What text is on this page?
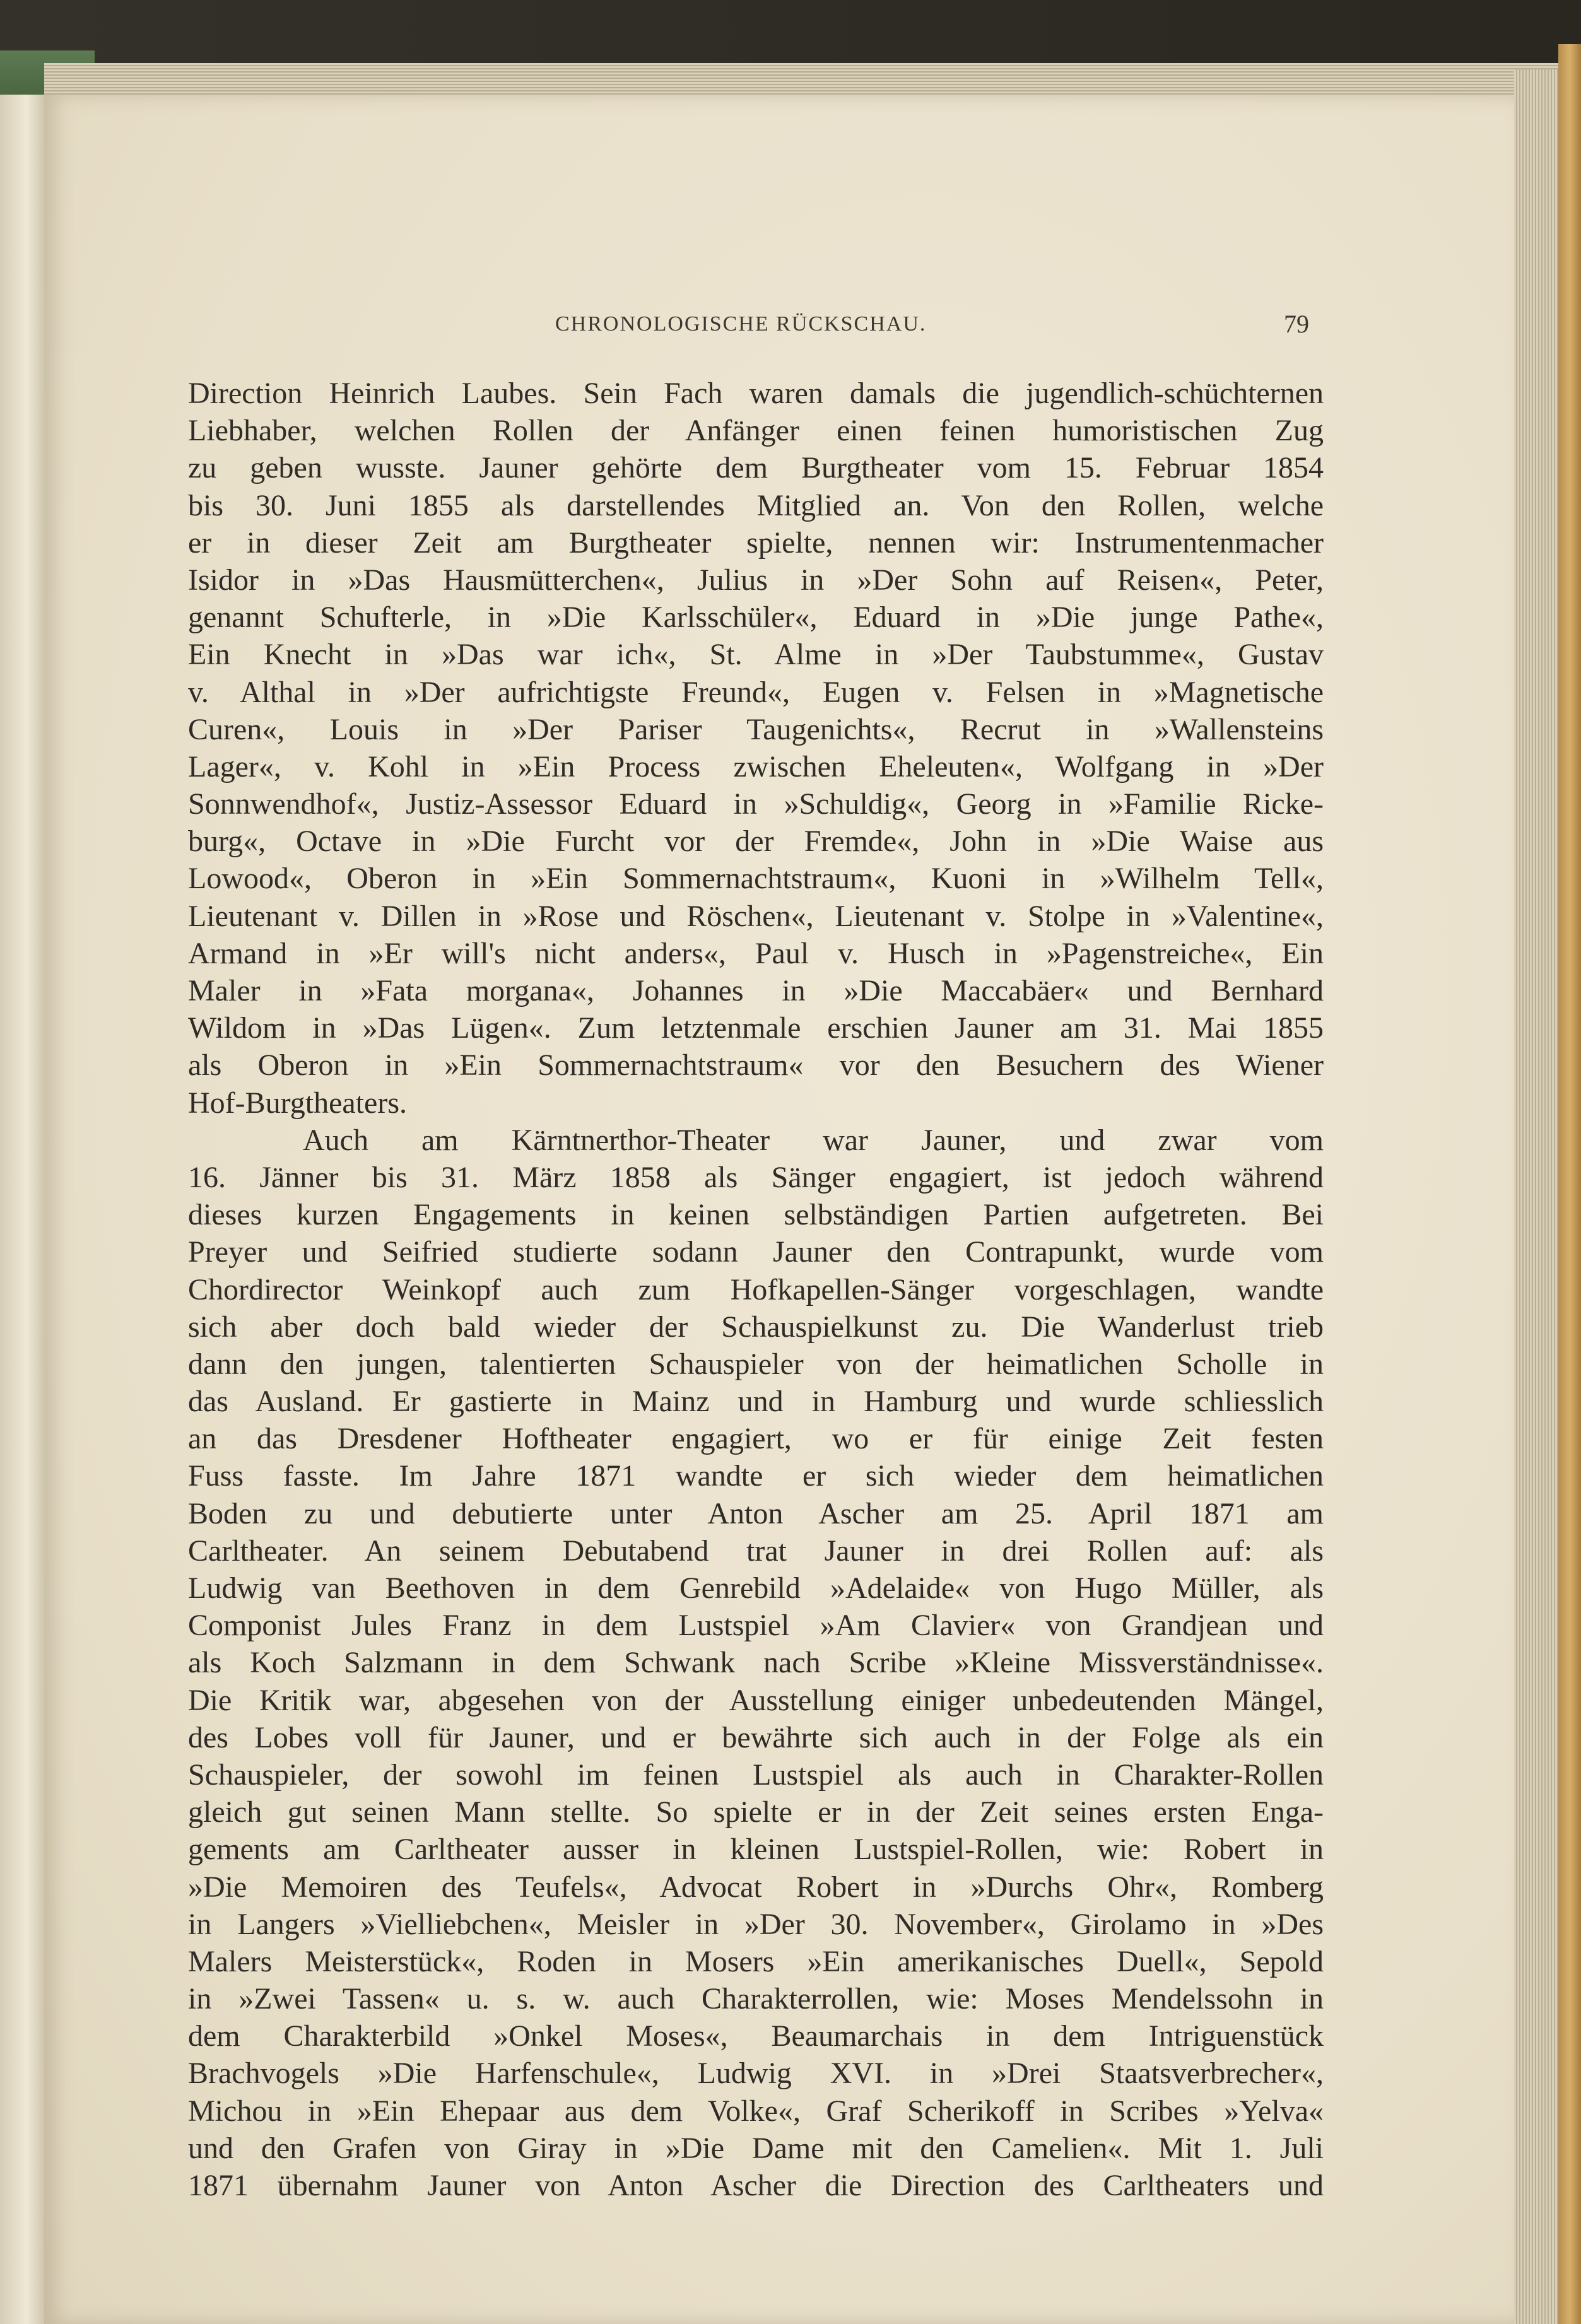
CHRONOLOGISCHE RÜCKSCHAU.	79
Direction Heinrich Laubes. Sein Fach waren damals die jugendlich-schüchternen
Liebhaber, welchen Rollen der Anfänger einen feinen humoristischen Zug
zu geben wusste. Jauner gehörte dem Burgtheater vom 15. Februar 1854
bis 30. Juni 1855 als darstellendes Mitglied an. Von den Rollen, welche
er in dieser Zeit am Burgtheater spielte, nennen wir: Instrumentenmacher
Isidor in »Das Hausmütterchen«, Julius in »Der Sohn auf Reisen«, Peter,
genannt Schufterle, in »Die Karlsschüler«, Eduard in »Die junge Pathe«,
Ein Knecht in »Das war ich«, St. Alme in »Der Taubstumme«, Gustav
v. Althal in »Der aufrichtigste Freund«, Eugen v. Felsen in »Magnetische
Curen«, Louis in »Der Pariser Taugenichts«, Recrut in »Wallensteins
Lager«, v. Kohl in »Ein Process zwischen Eheleuten«, Wolfgang in »Der
Sonnwendhof«, Justiz-Assessor Eduard in »Schuldig«, Georg in »Familie Ricke-
burg«, Octave in »Die Furcht vor der Fremde«, John in »Die Waise aus
Lowood«, Oberon in »Ein Sommernachtstraum«, Kuoni in »Wilhelm Tell«,
Lieutenant v. Dillen in »Rose und Röschen«, Lieutenant v. Stolpe in »Valentine«,
Armand in »Er will's nicht anders«, Paul v. Husch in »Pagenstreiche«, Ein
Maler in »Fata morgana«, Johannes in »Die Maccabäer« und Bernhard
Wildom in »Das Lügen«. Zum letztenmale erschien Jauner am 31. Mai 1855
als Oberon in »Ein Sommernachtstraum« vor den Besuchern des Wiener
Hof-Burgtheaters.
Auch am Kärntnerthor-Theater war Jauner, und zwar vom
16. Jänner bis 31. März 1858 als Sänger engagiert, ist jedoch während
dieses kurzen Engagements in keinen selbständigen Partien aufgetreten. Bei
Preyer und Seifried studierte sodann Jauner den Contrapunkt, wurde vom
Chordirector Weinkopf auch zum Hofkapellen-Sänger vorgeschlagen, wandte
sich aber doch bald wieder der Schauspielkunst zu. Die Wanderlust trieb
dann den jungen, talentierten Schauspieler von der heimatlichen Scholle in
das Ausland. Er gastierte in Mainz und in Hamburg und wurde schliesslich
an das Dresdener Hoftheater engagiert, wo er für einige Zeit festen
Fuss fasste. Im Jahre 1871 wandte er sich wieder dem heimatlichen
Boden zu und debutierte unter Anton Ascher am 25. April 1871 am
Carltheater. An seinem Debutabend trat Jauner in drei Rollen auf: als
Ludwig van Beethoven in dem Genrebild »Adelaide« von Hugo Müller, als
Componist Jules Franz in dem Lustspiel »Am Clavier« von Grandjean und
als Koch Salzmann in dem Schwank nach Scribe »Kleine Missverständnisse«.
Die Kritik war, abgesehen von der Ausstellung einiger unbedeutenden Mängel,
des Lobes voll für Jauner, und er bewährte sich auch in der Folge als ein
Schauspieler, der sowohl im feinen Lustspiel als auch in Charakter-Rollen
gleich gut seinen Mann stellte. So spielte er in der Zeit seines ersten Enga-
gements am Carltheater ausser in kleinen Lustspiel-Rollen, wie: Robert in
»Die Memoiren des Teufels«, Advocat Robert in »Durchs Ohr«, Romberg
in Langers »Vielliebchen«, Meisler in »Der 30. November«, Girolamo in »Des
Malers Meisterstück«, Roden in Mosers »Ein amerikanisches Duell«, Sepold
in »Zwei Tassen« u. s. w. auch Charakterrollen, wie: Moses Mendelssohn in
dem Charakterbild »Onkel Moses«, Beaumarchais in dem Intriguenstück
Brachvogels »Die Harfenschule«, Ludwig XVI. in »Drei Staatsverbrecher«,
Michou in »Ein Ehepaar aus dem Volke«, Graf Scherikoff in Scribes »Yelva«
und den Grafen von Giray in »Die Dame mit den Camelien«. Mit 1. Juli
1871 übernahm Jauner von Anton Ascher die Direction des Carltheaters und
